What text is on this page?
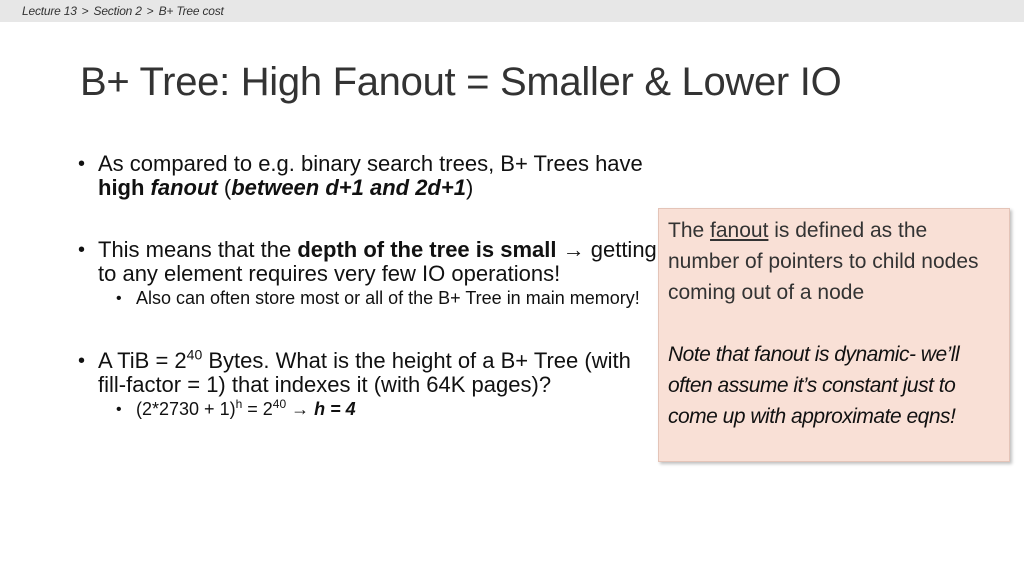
Lecture 13 > Section 2 > B+ Tree cost
B+ Tree: High Fanout = Smaller & Lower IO
• As compared to e.g. binary search trees, B+ Trees have high fanout (between d+1 and 2d+1)
• This means that the depth of the tree is small → getting to any element requires very few IO operations!
• Also can often store most or all of the B+ Tree in main memory!
• A TiB = $2^{40}$ Bytes. What is the height of a B+ Tree (with fill-factor = 1) that indexes it (with 64K pages)?
• $(2*2730 + 1)^h = 2^{40} \to h = 4$
The fanout is defined as the number of pointers to child nodes coming out of a node
Note that fanout is dynamic- we’ll often assume it’s constant just to come up with approximate eqns!
